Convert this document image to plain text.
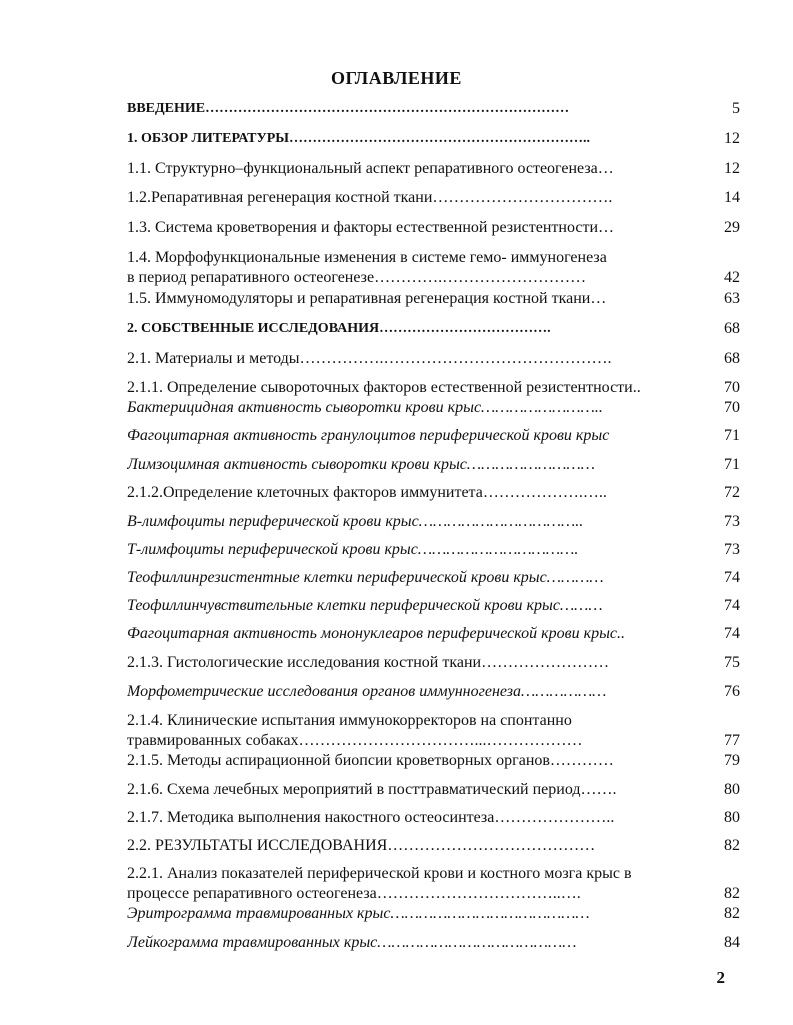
ОГЛАВЛЕНИЕ
ВВЕДЕНИЕ……………………………………………………………………	5
1. ОБЗОР ЛИТЕРАТУРЫ………………………………………………………..	12
1.1. Структурно–функциональный аспект репаративного остеогенеза…	12
1.2.Репаративная регенерация костной ткани…………………………….	14
1.3. Система кроветворения и факторы естественной резистентности…	29
1.4. Морфофункциональные изменения в системе гемо- иммуногенеза
в период репаративного остеогенезе………….………………………	42
1.5. Иммуномодуляторы и репаративная регенерация костной ткани…	63
2. СОБСТВЕННЫЕ ИССЛЕДОВАНИЯ……………………………….	68
2.1. Материалы и методы…………….…………………………………….	68
2.1.1. Определение сывороточных факторов естественной резистентности..	70
Бактерицидная активность сыворотки крови крыс……………………..	70
Фагоцитарная активность гранулоцитов периферической крови крыс	71
Лимзоцимная активность сыворотки крови крыс………………………	71
2.1.2.Определение клеточных факторов иммунитета……………….…..	72
В-лимфоциты периферической крови крыс……………………………..	73
Т-лимфоциты периферической крови крыс…………………………….	73
Теофиллинрезистентные клетки периферической крови крыс…………	74
Теофиллинчувствительные клетки периферической крови крыс………	74
Фагоцитарная активность мононуклеаров периферической крови крыс..	74
2.1.3. Гистологические исследования костной ткани……………………	75
Морфометрические исследования органов иммунногенеза………………	76
2.1.4. Клинические испытания иммунокорректоров на спонтанно
травмированных собаках……………………………...………………	77
2.1.5. Методы аспирационной биопсии кроветворных органов…………	79
2.1.6. Схема лечебных мероприятий в посттравматический период…….	80
2.1.7. Методика выполнения накостного остеосинтеза…………………..	80
2.2. РЕЗУЛЬТАТЫ ИССЛЕДОВАНИЯ…………………………………	82
2.2.1. Анализ показателей периферической крови и костного мозга крыс в
процессе репаративного остеогенеза……………………………..….	82
Эритрограмма травмированных крыс……………………………………	82
Лейкограмма травмированных крыс……………………………………	84
2
